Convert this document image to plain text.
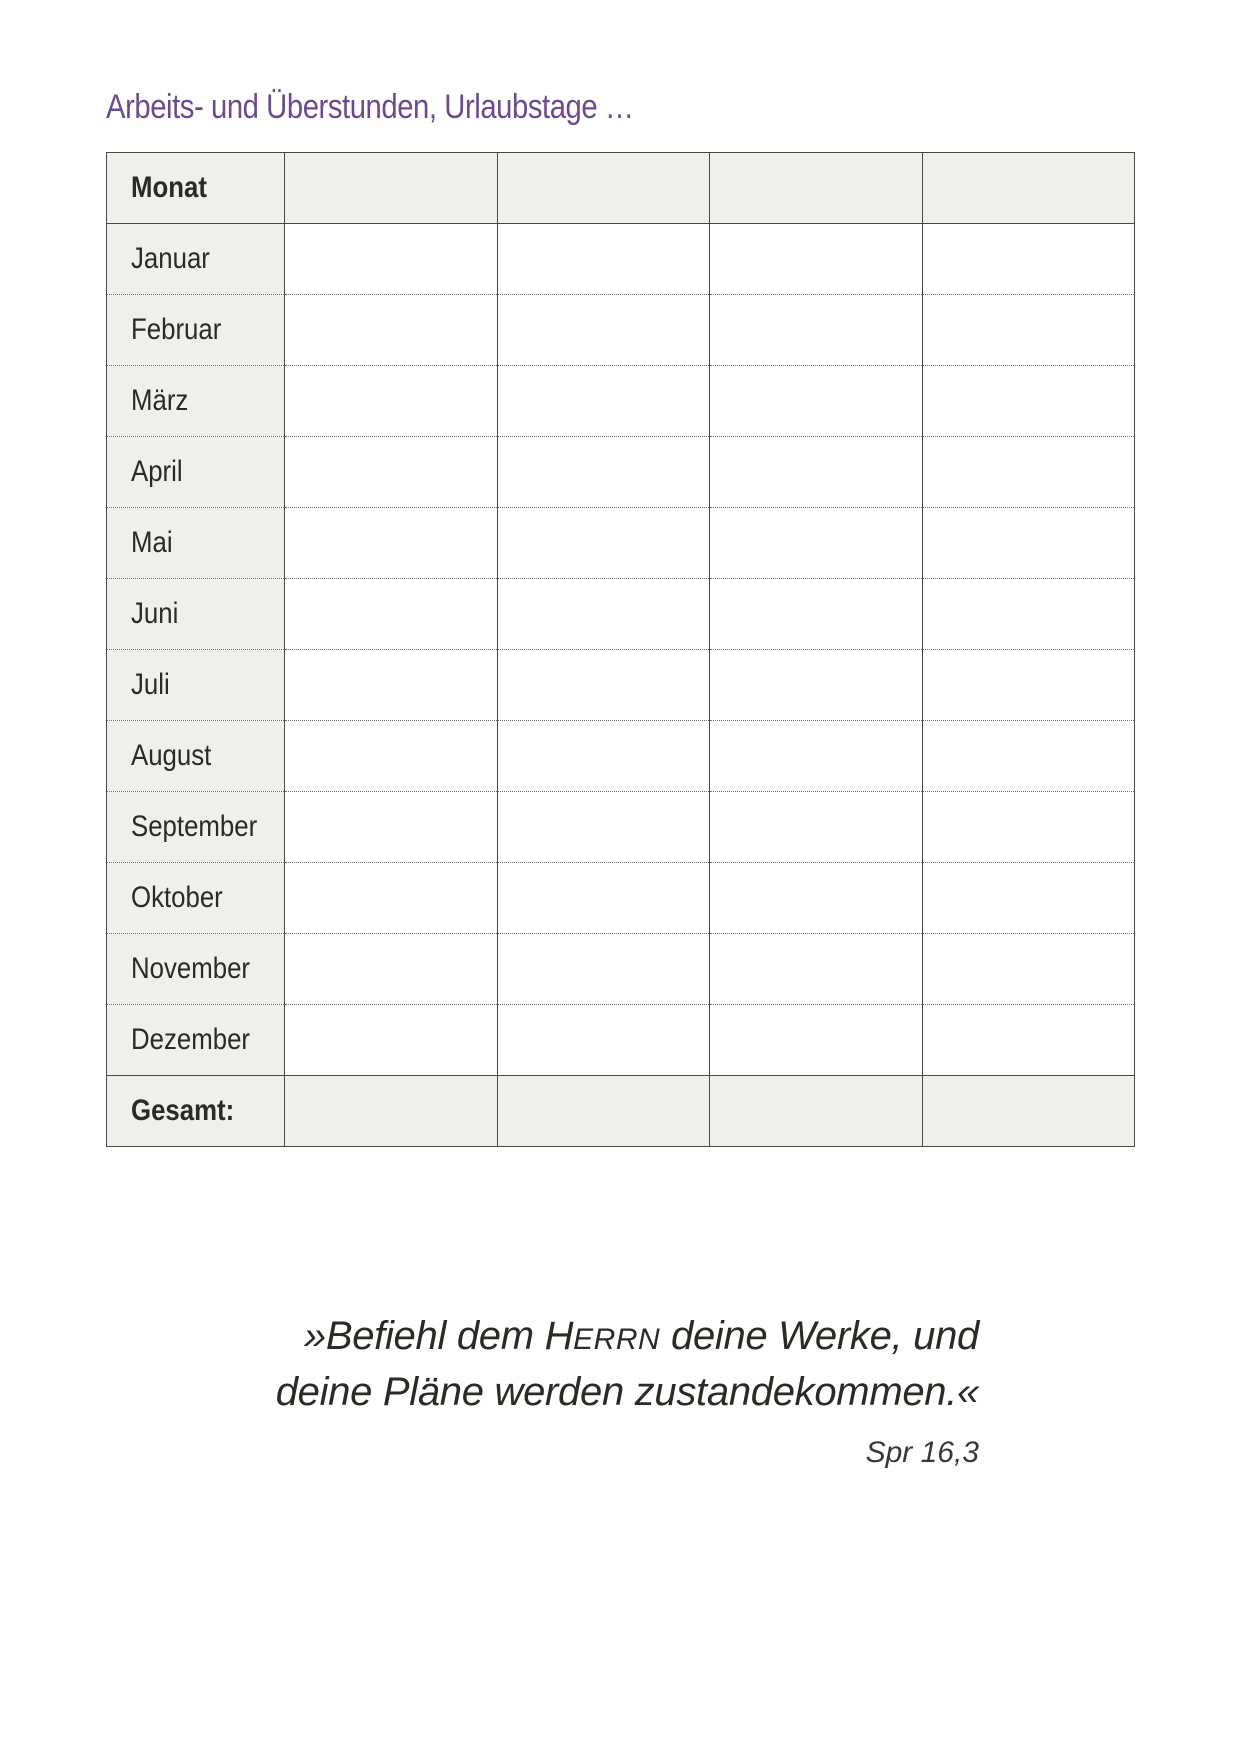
Arbeits- und Überstunden, Urlaubstage …
Monat				
Januar				
Februar				
März				
April				
Mai				
Juni				
Juli				
August				
September				
Oktober				
November				
Dezember				
Gesamt:				
»Befiehl dem HERRN deine Werke, und
deine Pläne werden zustandekommen.«
Spr 16,3
